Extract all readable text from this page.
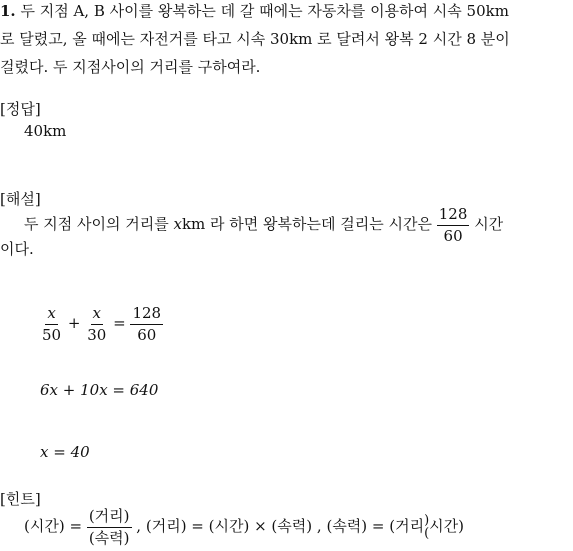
1. 두 지점 A, B 사이를 왕복하는 데 갈 때에는 자동차를 이용하여 시속 50km
로 달렸고, 올 때에는 자전거를 타고 시속 30km 로 달려서 왕복 2 시간 8 분이
걸렸다. 두 지점사이의 거리를 구하여라.
[정답]
40km
[해설]
두 지점 사이의 거리를 xkm 라 하면 왕복하는데 걸리는 시간은 $\frac{128}{60}$ 시간
이다.
$\frac{x}{50} + \frac{x}{30} = \frac{128}{60}$
6x + 10x = 640
x = 40
[힌트]
(시간) = $\frac{\text{(거리)}}{\text{(속력)}}$ , (거리) = (시간) × (속력) , (속력) = (거리 )
( 시간)
